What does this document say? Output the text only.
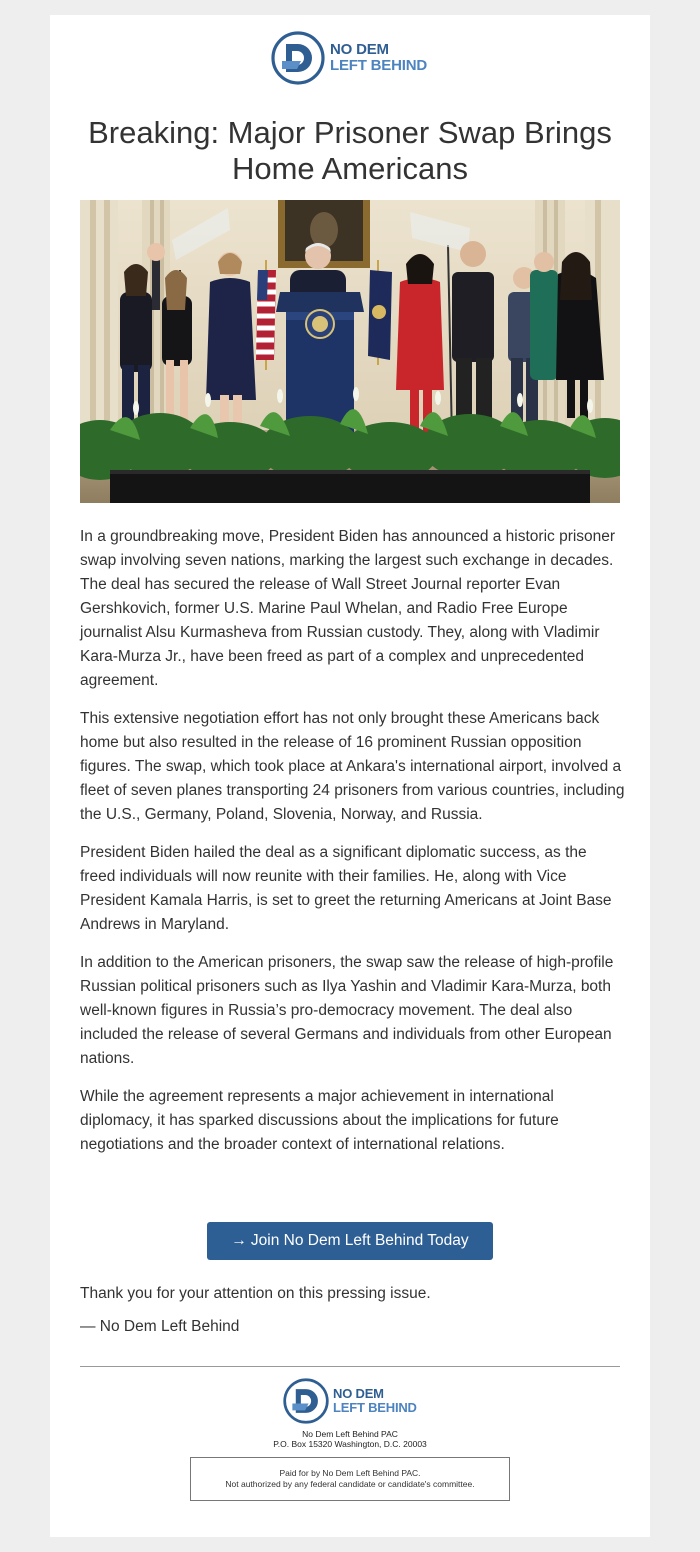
NO DEM
LEFT BEHIND
Breaking: Major Prisoner Swap Brings Home Americans

In a groundbreaking move, President Biden has announced a historic prisoner swap involving seven nations, marking the largest such exchange in decades. The deal has secured the release of Wall Street Journal reporter Evan Gershkovich, former U.S. Marine Paul Whelan, and Radio Free Europe journalist Alsu Kurmasheva from Russian custody. They, along with Vladimir Kara-Murza Jr., have been freed as part of a complex and unprecedented agreement.

This extensive negotiation effort has not only brought these Americans back home but also resulted in the release of 16 prominent Russian opposition figures. The swap, which took place at Ankara's international airport, involved a fleet of seven planes transporting 24 prisoners from various countries, including the U.S., Germany, Poland, Slovenia, Norway, and Russia.

President Biden hailed the deal as a significant diplomatic success, as the freed individuals will now reunite with their families. He, along with Vice President Kamala Harris, is set to greet the returning Americans at Joint Base Andrews in Maryland.

In addition to the American prisoners, the swap saw the release of high-profile Russian political prisoners such as Ilya Yashin and Vladimir Kara-Murza, both well-known figures in Russia’s pro-democracy movement. The deal also included the release of several Germans and individuals from other European nations.

While the agreement represents a major achievement in international diplomacy, it has sparked discussions about the implications for future negotiations and the broader context of international relations.

→ Join No Dem Left Behind Today

Thank you for your attention on this pressing issue.

— No Dem Left Behind

NO DEM
LEFT BEHIND

No Dem Left Behind PAC

P.O. Box 15320 Washington, D.C. 20003

Paid for by No Dem Left Behind PAC.
Not authorized by any federal candidate or candidate's committee.
